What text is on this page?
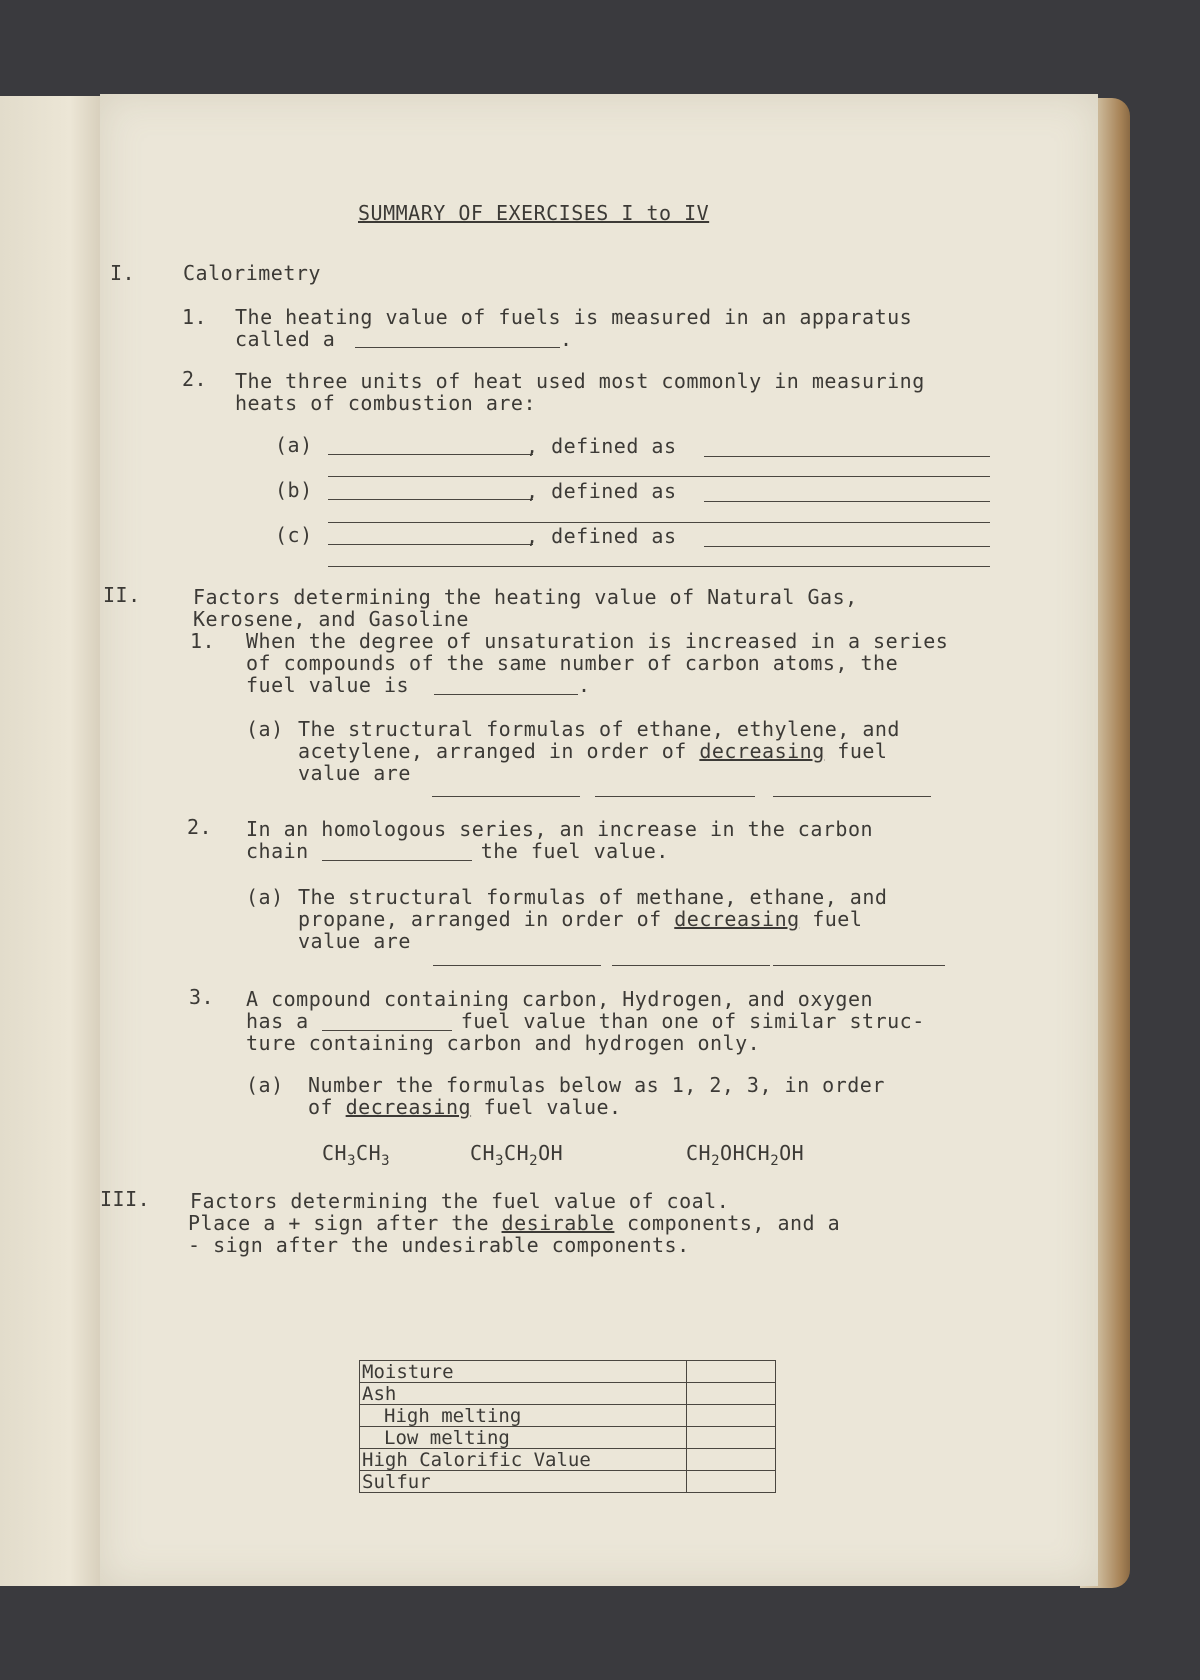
SUMMARY OF EXERCISES I to IV
I. Calorimetry
1. The heating value of fuels is measured in an apparatus
called a	.
2. The three units of heat used most commonly in measuring
heats of combustion are:
(a)	, defined as
(b)	, defined as
(c)	, defined as
II.	Factors determining the heating value of Natural Gas,
Kerosene, and Gasoline
1. When the degree of unsaturation is increased in a series
of compounds of the same number of carbon atoms, the
fuel value is	.
(a) The structural formulas of ethane, ethylene, and
acetylene, arranged in order of decreasing fuel
value are
2. In an homologous series, an increase in the carbon
chain	the fuel value.
(a) The structural formulas of methane, ethane, and
propane, arranged in order of decreasing fuel
value are
3. A compound containing carbon, Hydrogen, and oxygen
has a	fuel value than one of similar struc-
ture containing carbon and hydrogen only.
(a) Number the formulas below as 1, 2, 3, in order
of decreasing fuel value.
$CH_3CH_3$	$CH_3CH_2OH$	$CH_2OHCH_2OH$
III. Factors determining the fuel value of coal.
Place a + sign after the desirable components, and a
- sign after the undesirable components.
Moisture	
Ash	
High melting	
Low melting	
High Calorific Value	
Sulfur	
